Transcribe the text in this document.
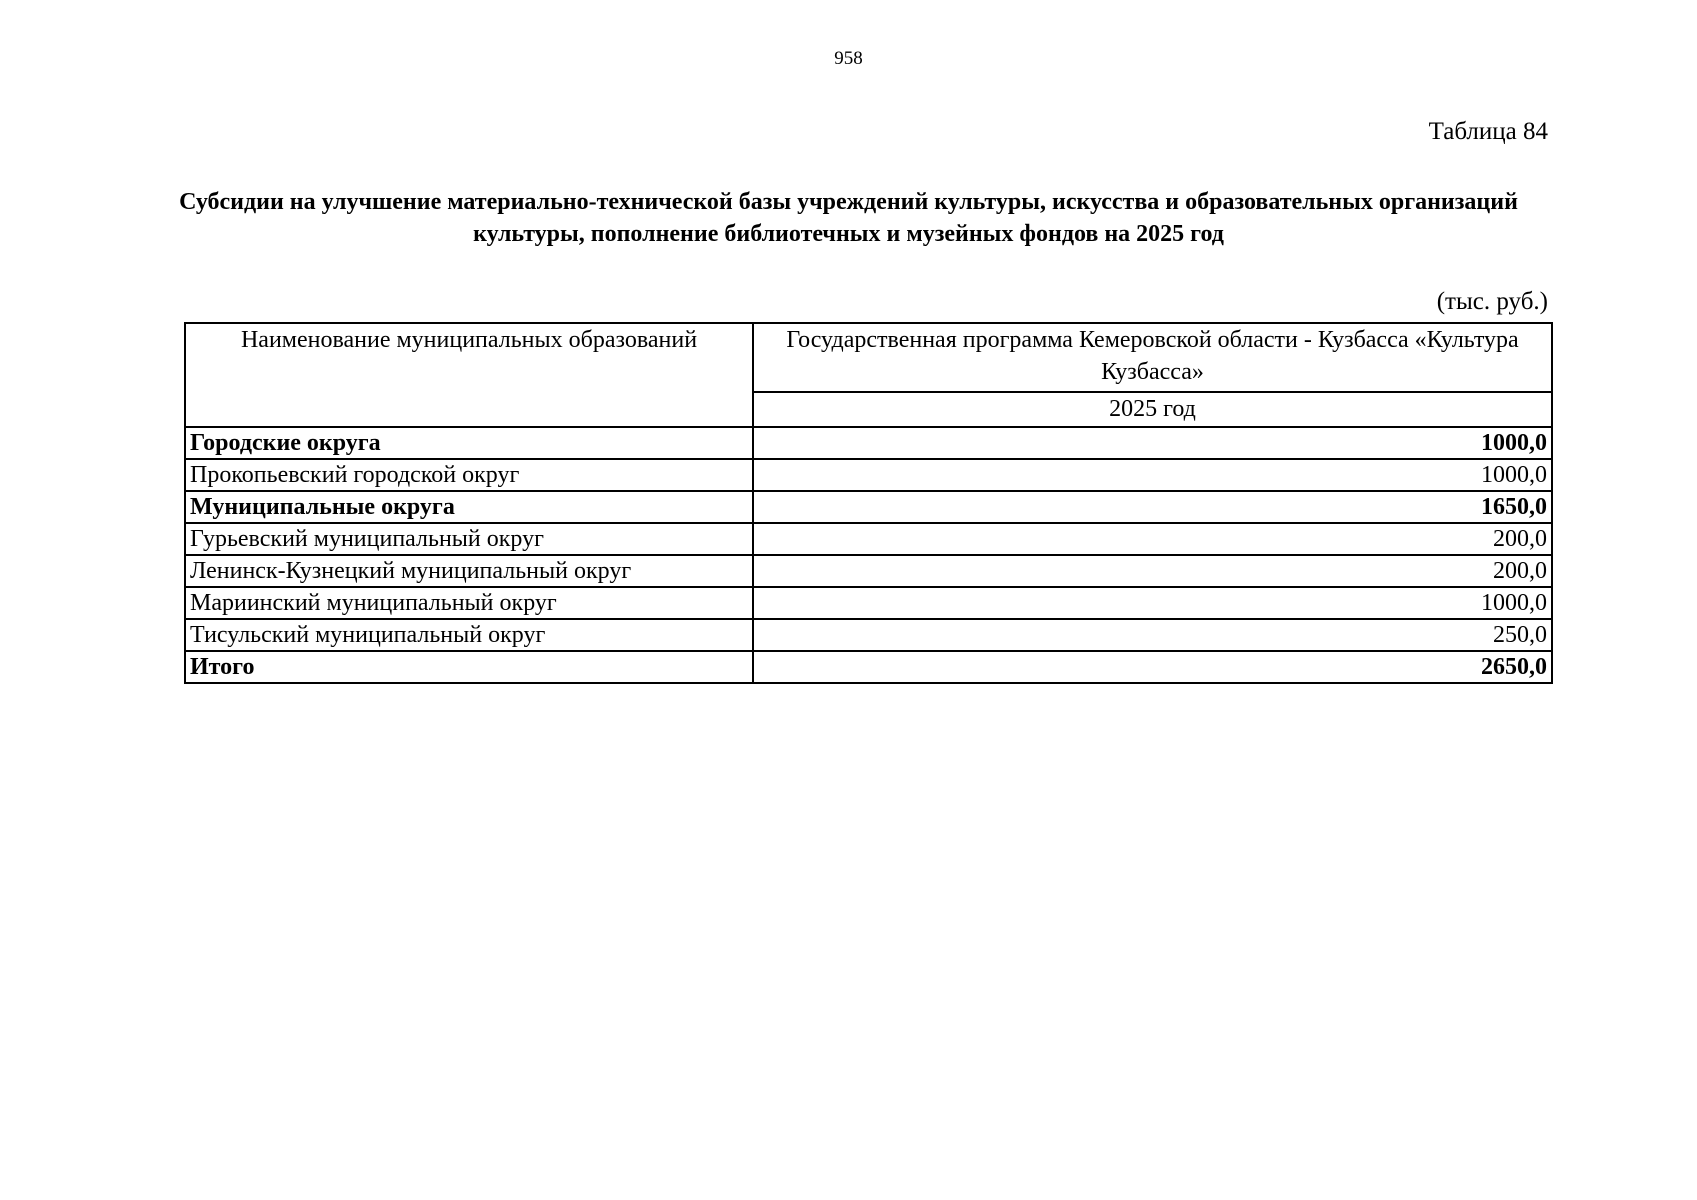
958
Таблица 84
Субсидии на улучшение материально-технической базы учреждений культуры, искусства и образовательных организаций культуры, пополнение библиотечных и музейных фондов на 2025 год
(тыс. руб.)
Наименование муниципальных образований	Государственная программа Кемеровской области - Кузбасса «Культура Кузбасса»
	2025 год
Городские округа	1000,0
Прокопьевский городской округ	1000,0
Муниципальные округа	1650,0
Гурьевский муниципальный округ	200,0
Ленинск-Кузнецкий муниципальный округ	200,0
Мариинский муниципальный округ	1000,0
Тисульский муниципальный округ	250,0
Итого	2650,0
